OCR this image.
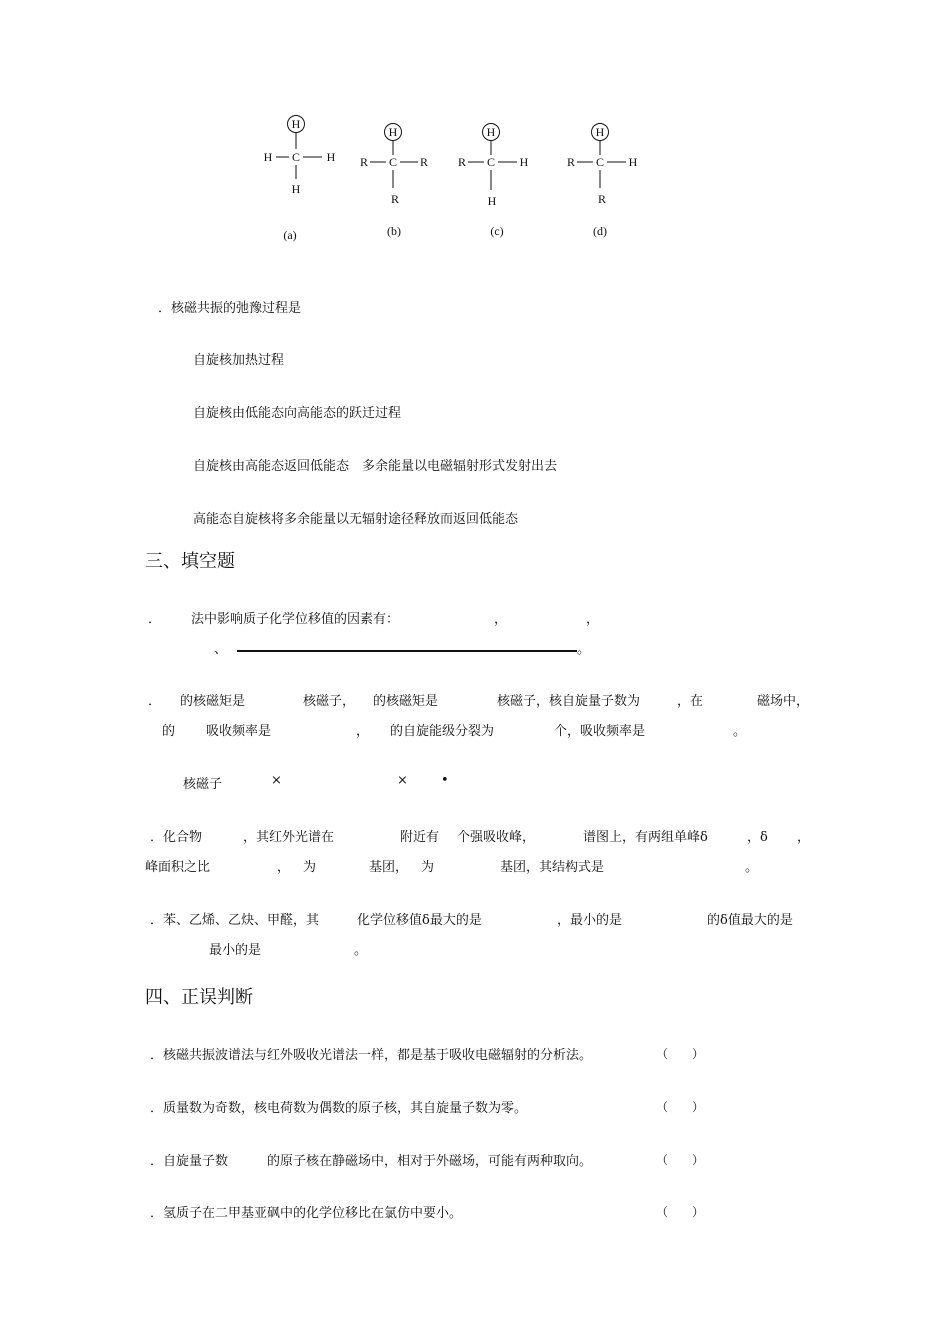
H
H C H
H
(a)
H
R C R
R
(b)
H
R C H
H
(c)
H
R C H
R
(d)
．核磁共振的弛豫过程是
自旋核加热过程
自旋核由低能态向高能态的跃迁过程
自旋核由高能态返回低能态　多余能量以电磁辐射形式发射出去
高能态自旋核将多余能量以无辐射途径释放而返回低能态
三、填空题
． 法中影响质子化学位移值的因素有：	，	，
、	。
． 的核磁矩是	核磁子， 的核磁矩是	核磁子，核自旋量子数为	，在	磁场中，
的 吸收频率是	， 的自旋能级分裂为	个，吸收频率是	。
核磁子	×	×	•
．化合物	，其红外光谱在	附近有 个强吸收峰，	谱图上，有两组单峰δ	，δ ，
峰面积之比	， 为	基团， 为	基团，其结构式是	。
．苯、乙烯、乙炔、甲醛，其	化学位移值δ最大的是	，最小的是	的δ值最大的是
最小的是	。
四、正误判断
．核磁共振波谱法与红外吸收光谱法一样，都是基于吸收电磁辐射的分析法。	（　　）
．质量数为奇数，核电荷数为偶数的原子核，其自旋量子数为零。	（　　）
．自旋量子数	的原子核在静磁场中，相对于外磁场，可能有两种取向。	（　　）
．氢质子在二甲基亚砜中的化学位移比在氯仿中要小。	（　　）
